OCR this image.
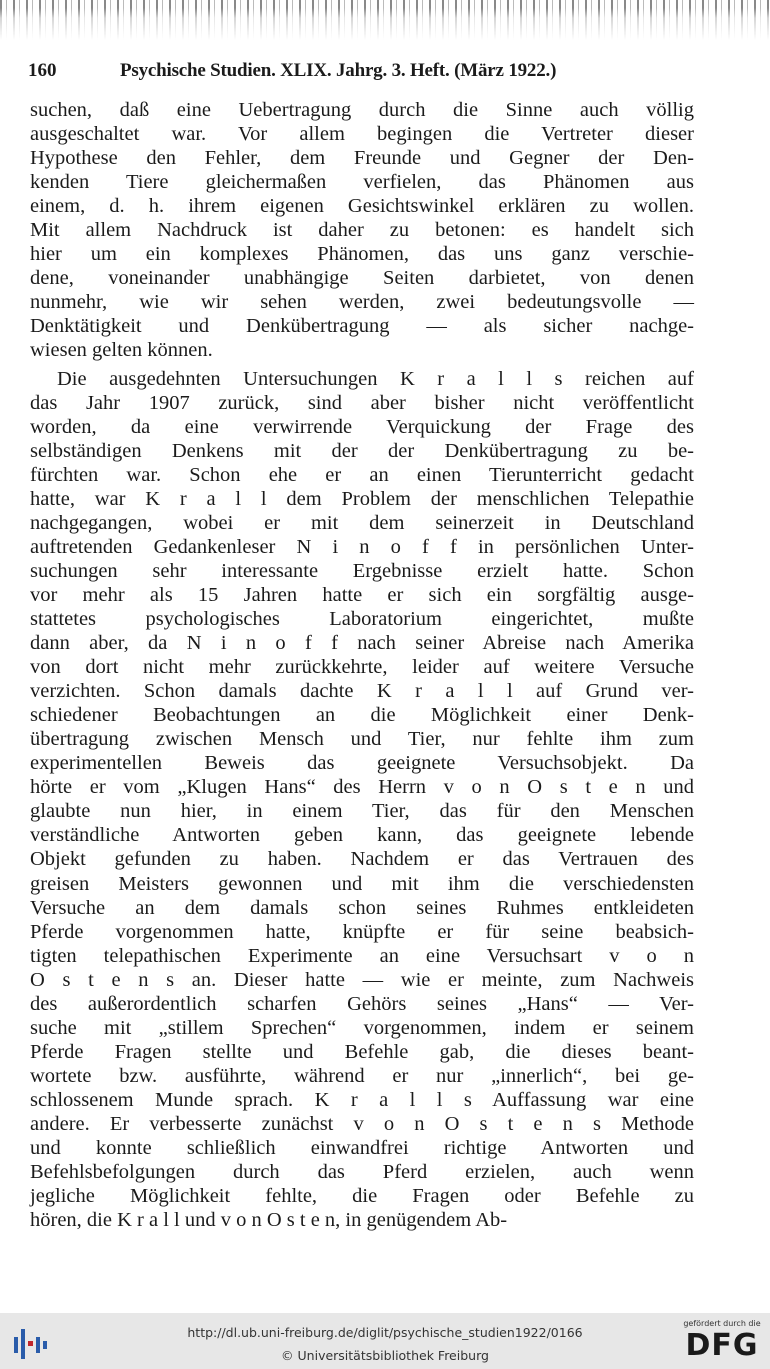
160	Psychische Studien. XLIX. Jahrg. 3. Heft. (März 1922.)
suchen, daß eine Uebertragung durch die Sinne auch völlig
ausgeschaltet war. Vor allem begingen die Vertreter dieser
Hypothese den Fehler, dem Freunde und Gegner der Den-
kenden Tiere gleichermaßen verfielen, das Phänomen aus
einem, d. h. ihrem eigenen Gesichtswinkel erklären zu wollen.
Mit allem Nachdruck ist daher zu betonen: es handelt sich
hier um ein komplexes Phänomen, das uns ganz verschie-
dene, voneinander unabhängige Seiten darbietet, von denen
nunmehr, wie wir sehen werden, zwei bedeutungsvolle —
Denktätigkeit und Denkübertragung — als sicher nachge-
wiesen gelten können.
Die ausgedehnten Untersuchungen K r a l l s reichen auf
das Jahr 1907 zurück, sind aber bisher nicht veröffentlicht
worden, da eine verwirrende Verquickung der Frage des
selbständigen Denkens mit der der Denkübertragung zu be-
fürchten war. Schon ehe er an einen Tierunterricht gedacht
hatte, war K r a l l dem Problem der menschlichen Telepathie
nachgegangen, wobei er mit dem seinerzeit in Deutschland
auftretenden Gedankenleser N i n o f f in persönlichen Unter-
suchungen sehr interessante Ergebnisse erzielt hatte. Schon
vor mehr als 15 Jahren hatte er sich ein sorgfältig ausge-
stattetes psychologisches Laboratorium eingerichtet, mußte
dann aber, da N i n o f f nach seiner Abreise nach Amerika
von dort nicht mehr zurückkehrte, leider auf weitere Versuche
verzichten. Schon damals dachte K r a l l auf Grund ver-
schiedener Beobachtungen an die Möglichkeit einer Denk-
übertragung zwischen Mensch und Tier, nur fehlte ihm zum
experimentellen Beweis das geeignete Versuchsobjekt. Da
hörte er vom „Klugen Hans“ des Herrn v o n O s t e n und
glaubte nun hier, in einem Tier, das für den Menschen
verständliche Antworten geben kann, das geeignete lebende
Objekt gefunden zu haben. Nachdem er das Vertrauen des
greisen Meisters gewonnen und mit ihm die verschiedensten
Versuche an dem damals schon seines Ruhmes entkleideten
Pferde vorgenommen hatte, knüpfte er für seine beabsich-
tigten telepathischen Experimente an eine Versuchsart v o n
O s t e n s an. Dieser hatte — wie er meinte, zum Nachweis
des außerordentlich scharfen Gehörs seines „Hans“ — Ver-
suche mit „stillem Sprechen“ vorgenommen, indem er seinem
Pferde Fragen stellte und Befehle gab, die dieses beant-
wortete bzw. ausführte, während er nur „innerlich“, bei ge-
schlossenem Munde sprach. K r a l l s Auffassung war eine
andere. Er verbesserte zunächst v o n O s t e n s Methode
und konnte schließlich einwandfrei richtige Antworten und
Befehlsbefolgungen durch das Pferd erzielen, auch wenn
jegliche Möglichkeit fehlte, die Fragen oder Befehle zu
hören, die K r a l l und v o n O s t e n, in genügendem Ab-
http://dl.ub.uni-freiburg.de/diglit/psychische_studien1922/0166
© Universitätsbibliothek Freiburg
gefördert durch die
DFG
